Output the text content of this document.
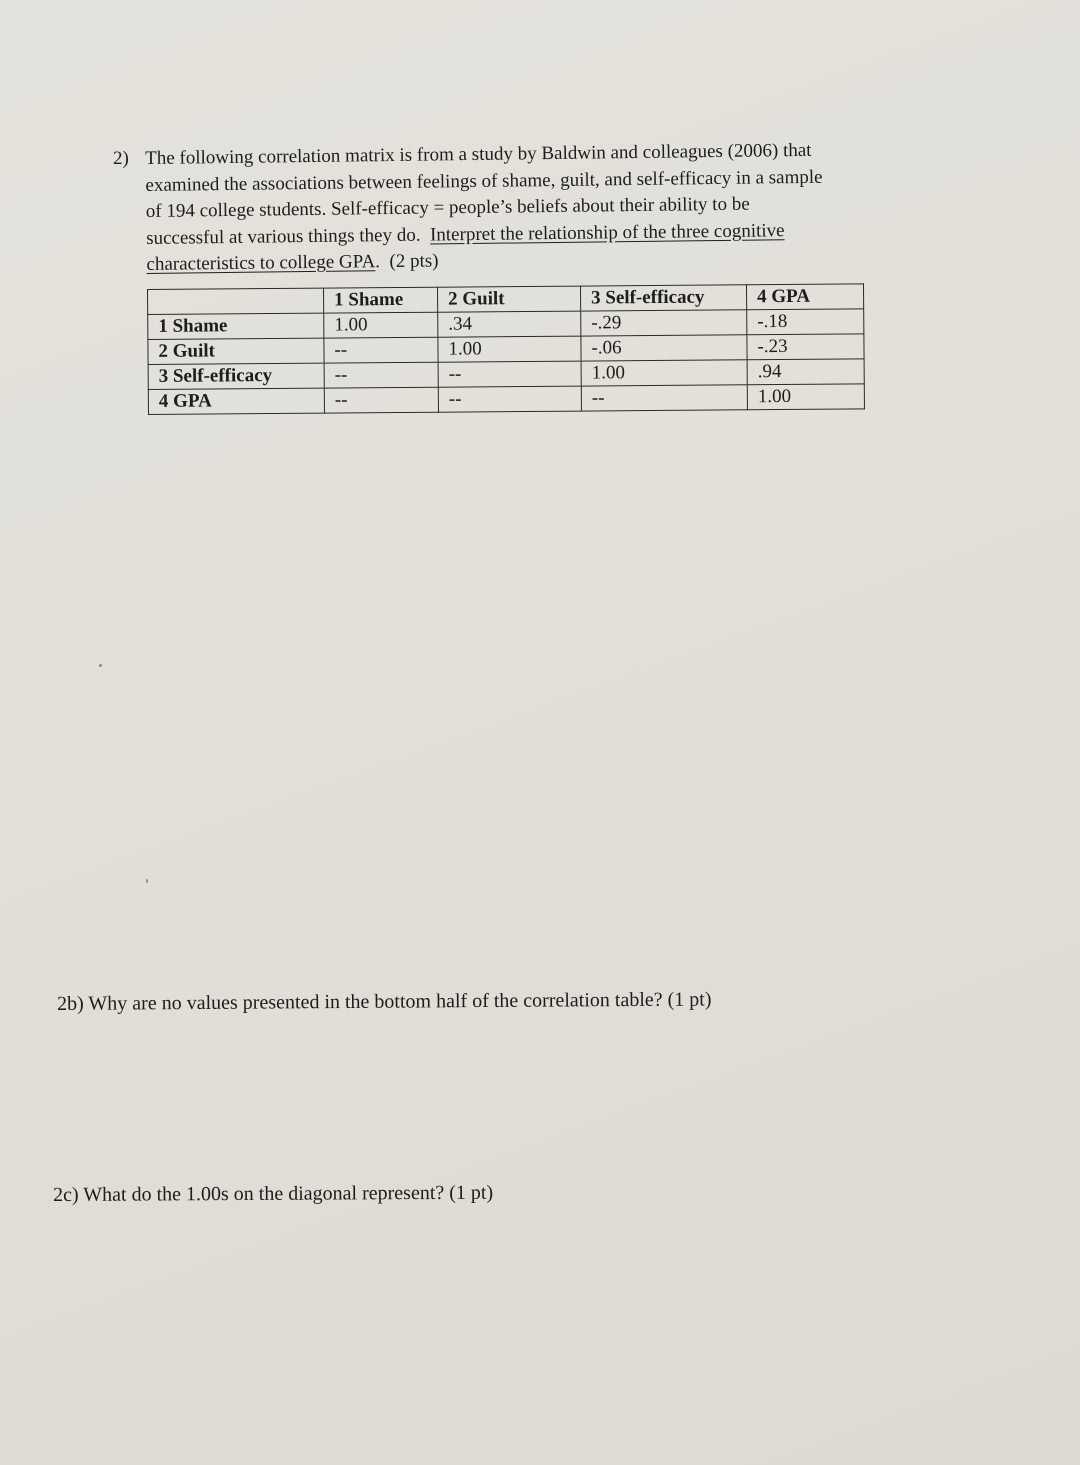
2) The following correlation matrix is from a study by Baldwin and colleagues (2006) that
examined the associations between feelings of shame, guilt, and self-efficacy in a sample
of 194 college students. Self-efficacy = people’s beliefs about their ability to be
successful at various things they do. Interpret the relationship of the three cognitive
characteristics to college GPA. (2 pts)
	1 Shame	2 Guilt	3 Self-efficacy	4 GPA
1 Shame	1.00	.34	-.29	-.18
2 Guilt	--	1.00	-.06	-.23
3 Self-efficacy	--	--	1.00	.94
4 GPA	--	--	--	1.00
2b) Why are no values presented in the bottom half of the correlation table? (1 pt)
2c) What do the 1.00s on the diagonal represent? (1 pt)
